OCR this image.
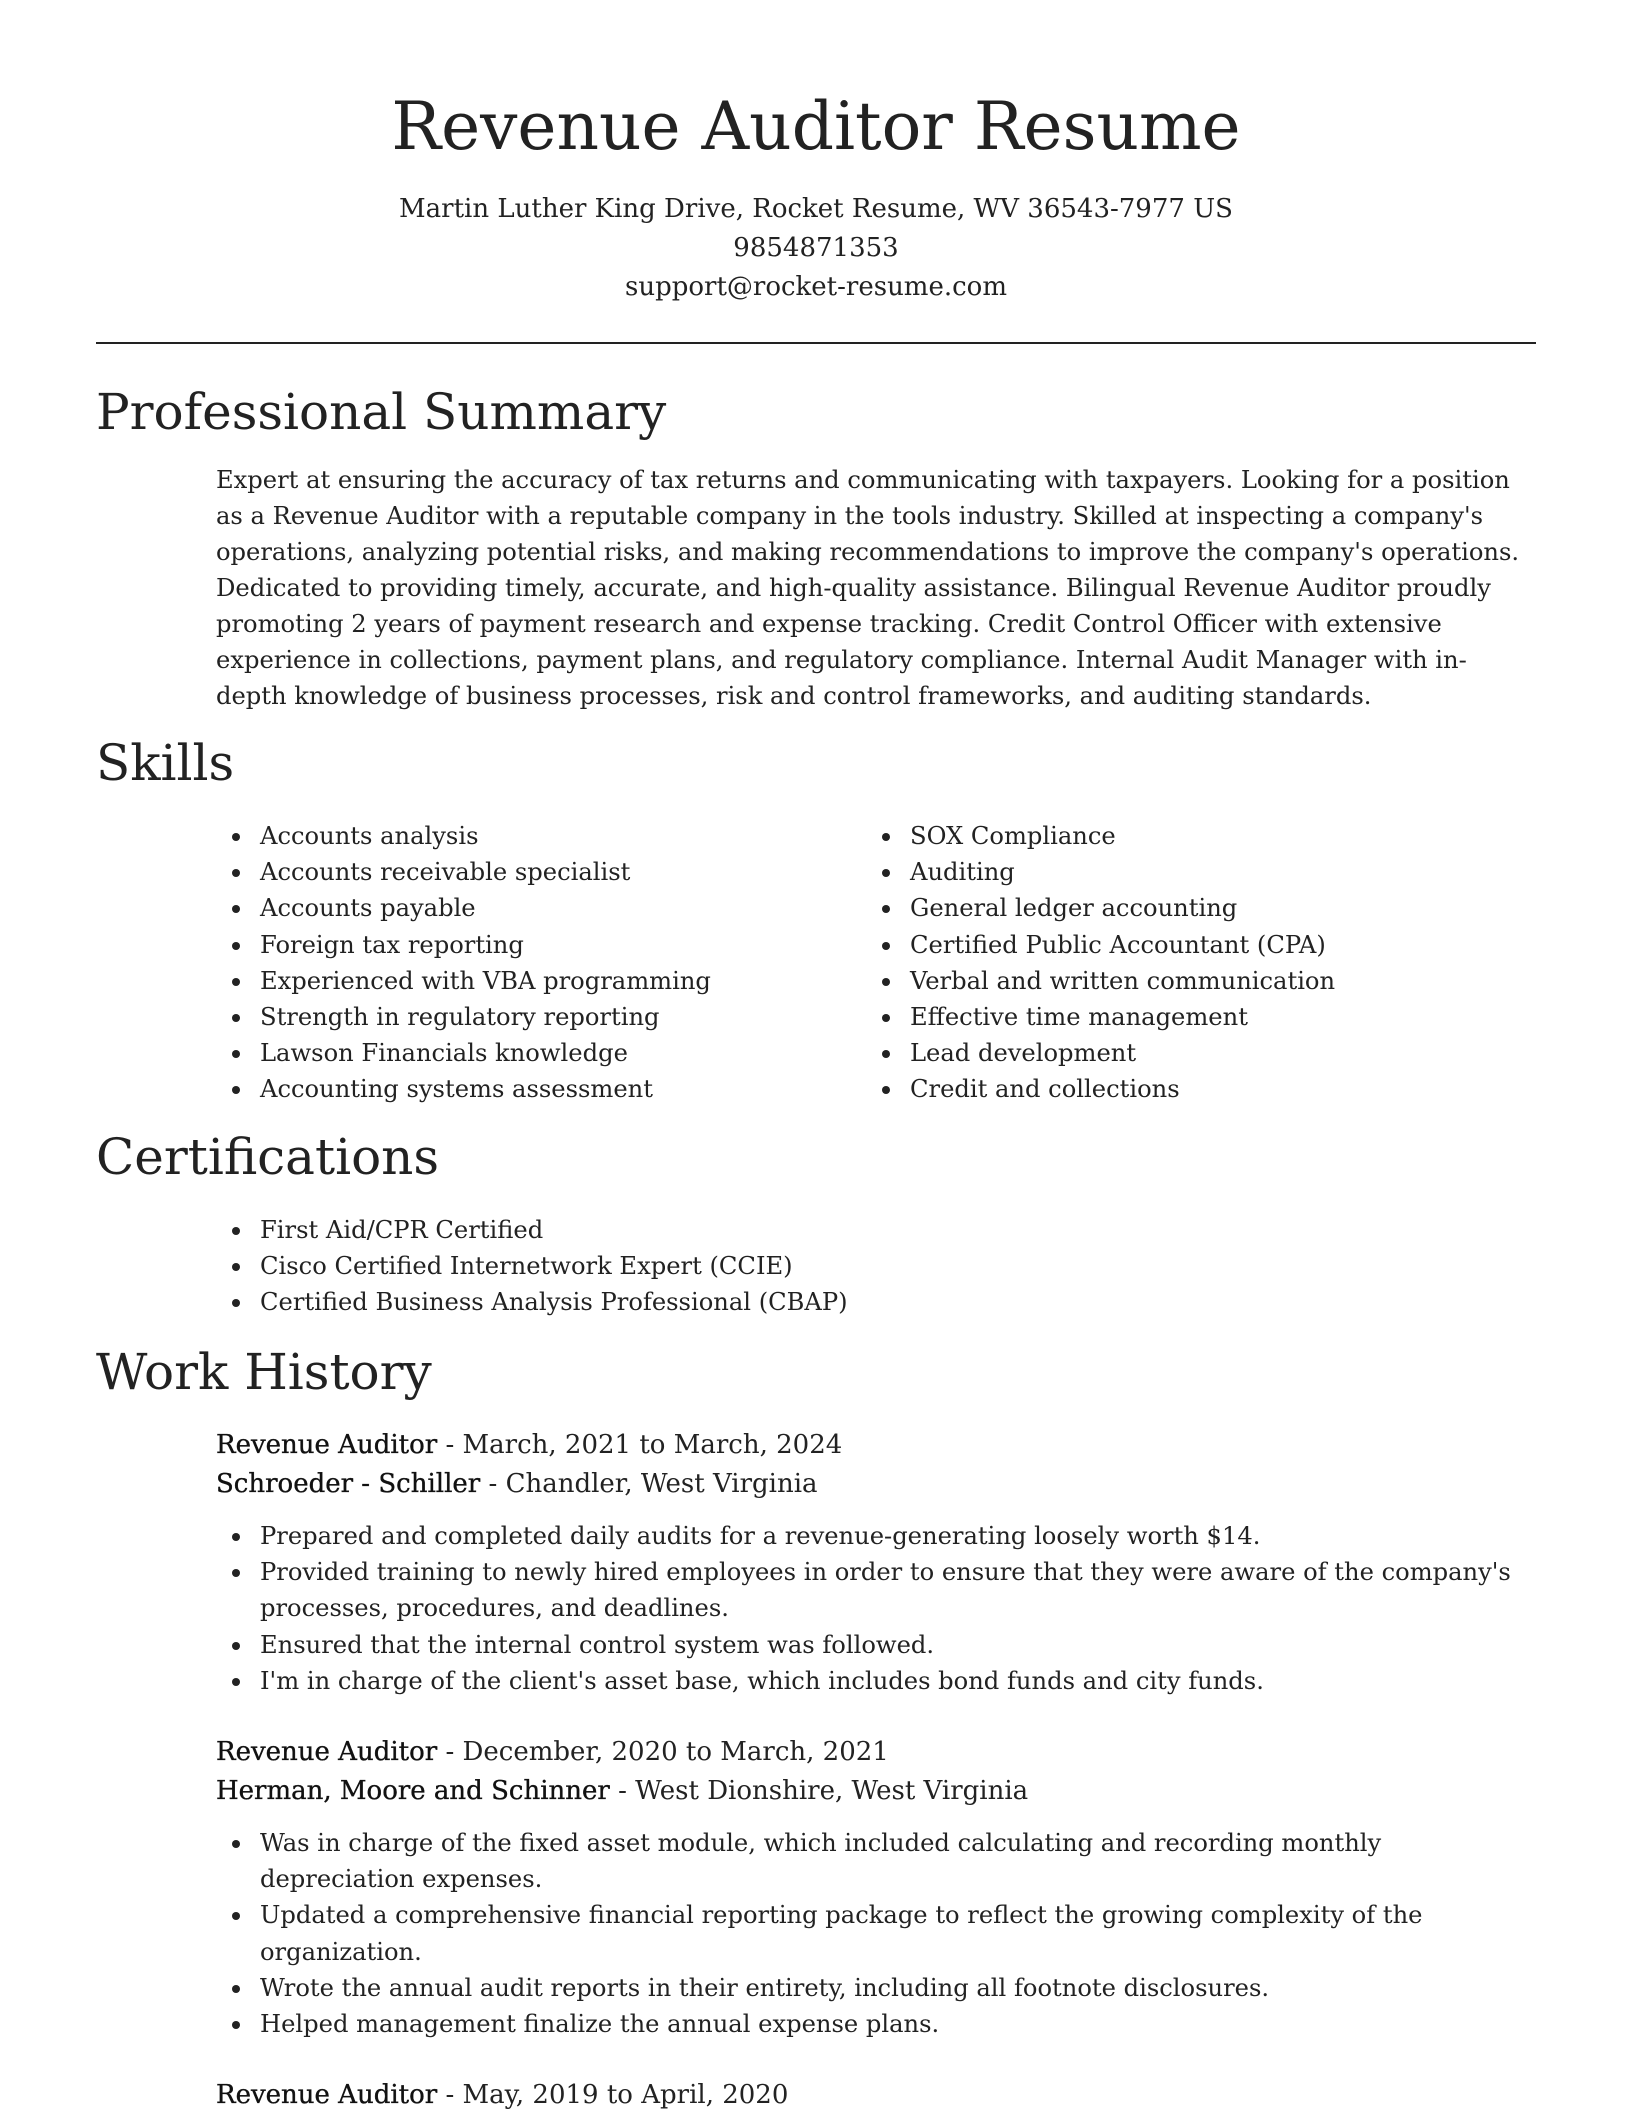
Revenue Auditor Resume
Martin Luther King Drive, Rocket Resume, WV 36543-7977 US
9854871353
support@rocket-resume.com
Professional Summary

Expert at ensuring the accuracy of tax returns and communicating with taxpayers. Looking for a position as a Revenue Auditor with a reputable company in the tools industry. Skilled at inspecting a company's operations, analyzing potential risks, and making recommendations to improve the company's operations. Dedicated to providing timely, accurate, and high-quality assistance. Bilingual Revenue Auditor proudly promoting 2 years of payment research and expense tracking. Credit Control Officer with extensive experience in collections, payment plans, and regulatory compliance. Internal Audit Manager with in-depth knowledge of business processes, risk and control frameworks, and auditing standards.

Skills
Accounts analysis
Accounts receivable specialist
Accounts payable
Foreign tax reporting
Experienced with VBA programming
Strength in regulatory reporting
Lawson Financials knowledge
Accounting systems assessment
SOX Compliance
Auditing
General ledger accounting
Certified Public Accountant (CPA)
Verbal and written communication
Effective time management
Lead development
Credit and collections
Certifications
First Aid/CPR Certified
Cisco Certified Internetwork Expert (CCIE)
Certified Business Analysis Professional (CBAP)
Work History
Revenue Auditor - March, 2021 to March, 2024
Schroeder - Schiller - Chandler, West Virginia
Prepared and completed daily audits for a revenue-generating loosely worth $14.
Provided training to newly hired employees in order to ensure that they were aware of the company's processes, procedures, and deadlines.
Ensured that the internal control system was followed.
I'm in charge of the client's asset base, which includes bond funds and city funds.
Revenue Auditor - December, 2020 to March, 2021
Herman, Moore and Schinner - West Dionshire, West Virginia
Was in charge of the fixed asset module, which included calculating and recording monthly depreciation expenses.
Updated a comprehensive financial reporting package to reflect the growing complexity of the organization.
Wrote the annual audit reports in their entirety, including all footnote disclosures.
Helped management finalize the annual expense plans.
Revenue Auditor - May, 2019 to April, 2020
